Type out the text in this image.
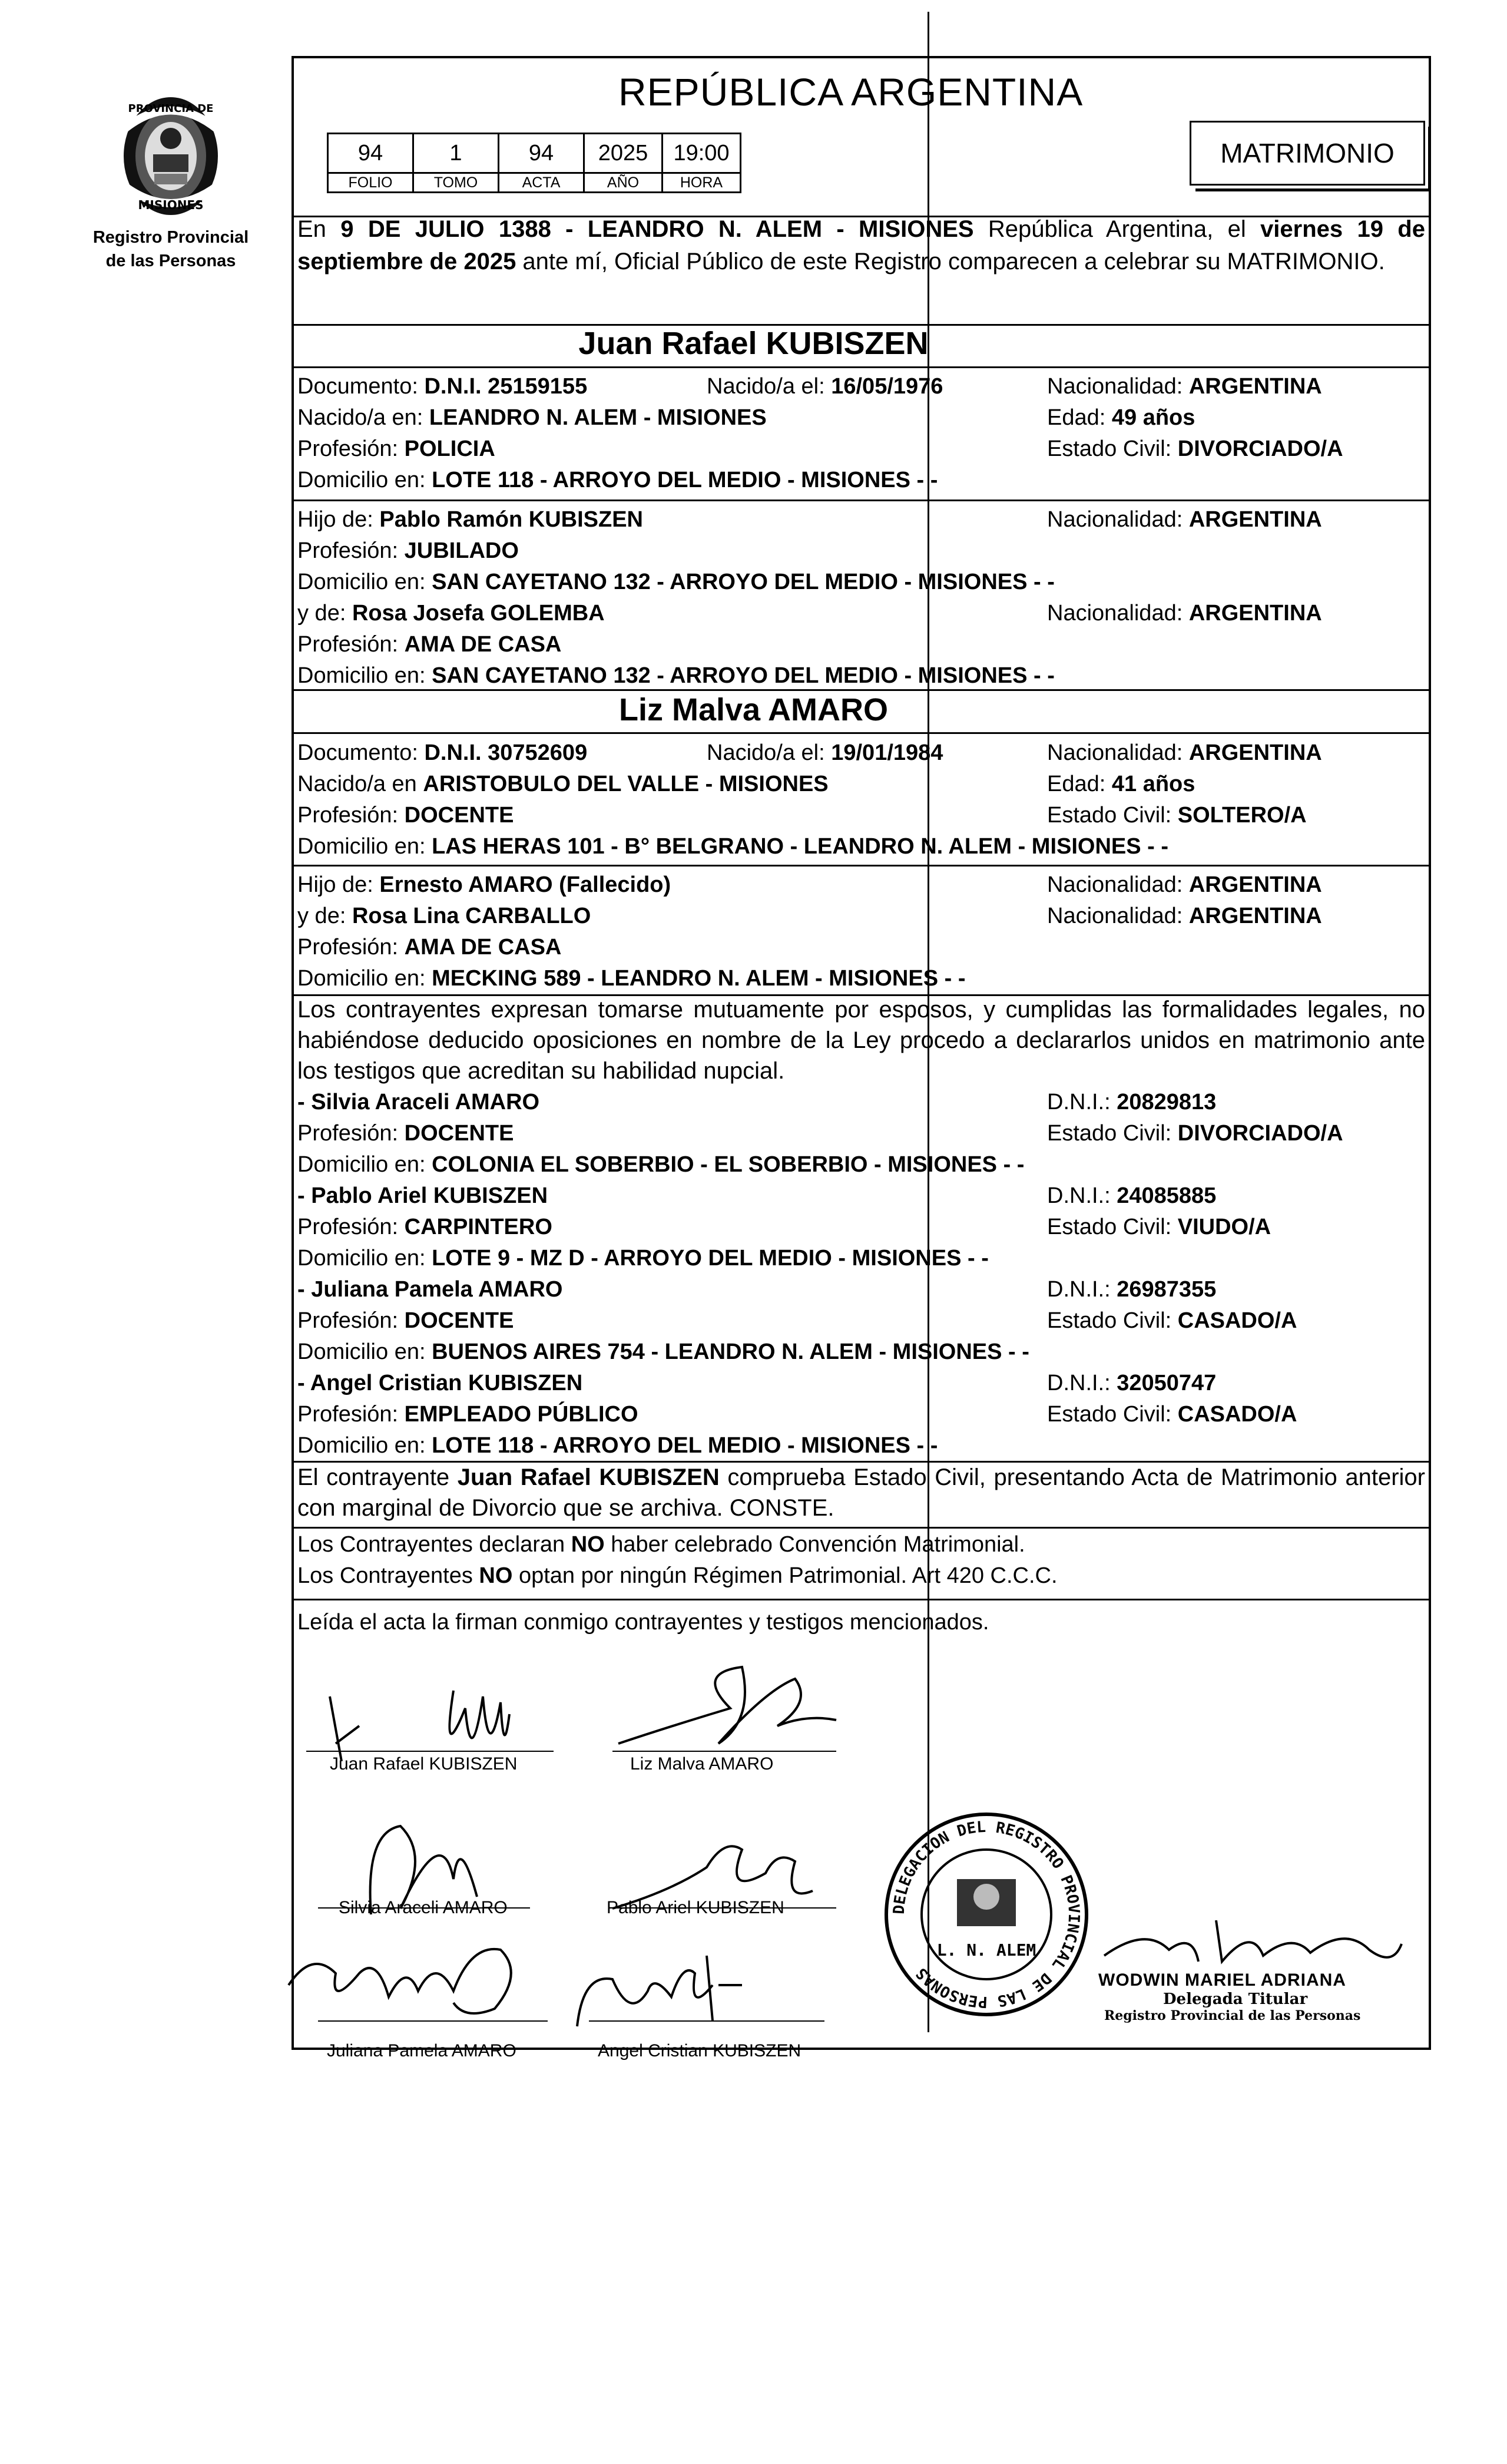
PROVINCIA DE
MISIONES
Registro Provincial
de las Personas
REPÚBLICA ARGENTINA
94	1	94	2025	19:00
FOLIO	TOMO	ACTA	AÑO	HORA
MATRIMONIO
En 9 DE JULIO 1388 - LEANDRO N. ALEM - MISIONES República Argentina, el viernes 19 de septiembre de 2025 ante mí, Oficial Público de este Registro comparecen a celebrar su MATRIMONIO.
Juan Rafael KUBISZEN
Documento: D.N.I. 25159155	Nacido/a el: 16/05/1976	Nacionalidad: ARGENTINA
Nacido/a en: LEANDRO N. ALEM - MISIONES	Edad: 49 años
Profesión: POLICIA	Estado Civil: DIVORCIADO/A
Domicilio en: LOTE 118 - ARROYO DEL MEDIO - MISIONES - -
Hijo de: Pablo Ramón KUBISZEN	Nacionalidad: ARGENTINA
Profesión: JUBILADO
Domicilio en: SAN CAYETANO 132 - ARROYO DEL MEDIO - MISIONES - -
y de: Rosa Josefa GOLEMBA	Nacionalidad: ARGENTINA
Profesión: AMA DE CASA
Domicilio en: SAN CAYETANO 132 - ARROYO DEL MEDIO - MISIONES - -
Liz Malva AMARO
Documento: D.N.I. 30752609	Nacido/a el: 19/01/1984	Nacionalidad: ARGENTINA
Nacido/a en ARISTOBULO DEL VALLE - MISIONES	Edad: 41 años
Profesión: DOCENTE	Estado Civil: SOLTERO/A
Domicilio en: LAS HERAS 101 - B° BELGRANO - LEANDRO N. ALEM - MISIONES - -
Hijo de: Ernesto AMARO (Fallecido)	Nacionalidad: ARGENTINA
y de: Rosa Lina CARBALLO	Nacionalidad: ARGENTINA
Profesión: AMA DE CASA
Domicilio en: MECKING 589 - LEANDRO N. ALEM - MISIONES - -
Los contrayentes expresan tomarse mutuamente por esposos, y cumplidas las formalidades legales, no habiéndose deducido oposiciones en nombre de la Ley procedo a declararlos unidos en matrimonio ante los testigos que acreditan su habilidad nupcial.
- Silvia Araceli AMARO	D.N.I.: 20829813
Profesión: DOCENTE	Estado Civil: DIVORCIADO/A
Domicilio en: COLONIA EL SOBERBIO - EL SOBERBIO - MISIONES - -
- Pablo Ariel KUBISZEN	D.N.I.: 24085885
Profesión: CARPINTERO	Estado Civil: VIUDO/A
Domicilio en: LOTE 9 - MZ D - ARROYO DEL MEDIO - MISIONES - -
- Juliana Pamela AMARO	D.N.I.: 26987355
Profesión: DOCENTE	Estado Civil: CASADO/A
Domicilio en: BUENOS AIRES 754 - LEANDRO N. ALEM - MISIONES - -
- Angel Cristian KUBISZEN	D.N.I.: 32050747
Profesión: EMPLEADO PÚBLICO	Estado Civil: CASADO/A
Domicilio en: LOTE 118 - ARROYO DEL MEDIO - MISIONES - -
El contrayente Juan Rafael KUBISZEN comprueba Estado Civil, presentando Acta de Matrimonio anterior con marginal de Divorcio que se archiva. CONSTE.
Los Contrayentes declaran NO haber celebrado Convención Matrimonial.
Los Contrayentes NO optan por ningún Régimen Patrimonial. Art 420 C.C.C.
Leída el acta la firman conmigo contrayentes y testigos mencionados.
Juan Rafael KUBISZEN	Liz Malva AMARO
Silvia Araceli AMARO	Pablo Ariel KUBISZEN
Juliana Pamela AMARO	Angel Cristian KUBISZEN
DELEGACION DEL REGISTRO PROVINCIAL DE LAS PERSONAS
L. N. ALEM
WODWIN MARIEL ADRIANA
Delegada Titular
Registro Provincial de las Personas
